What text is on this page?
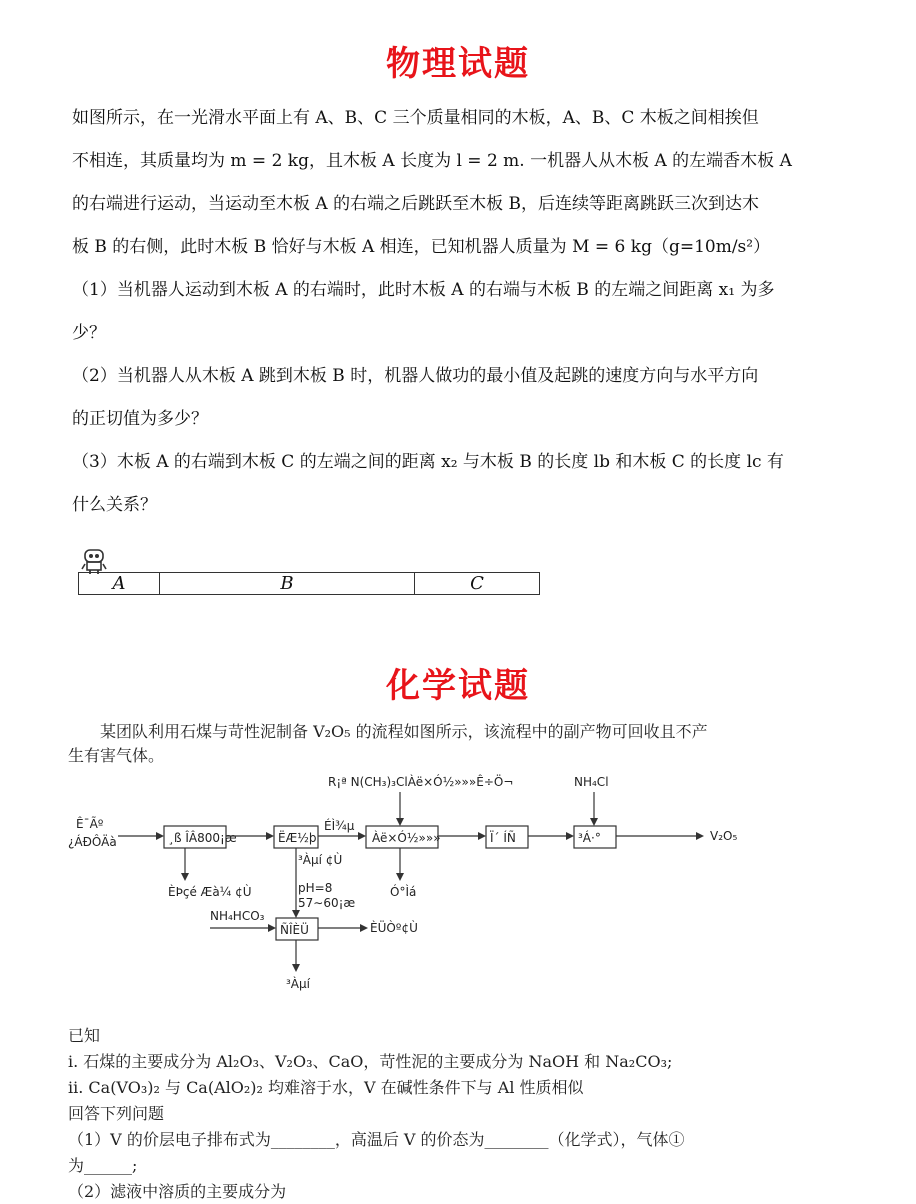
物理试题

如图所示，在一光滑水平面上有 A、B、C 三个质量相同的木板，A、B、C 木板之间相挨但

不相连，其质量均为 m = 2 kg，且木板 A 长度为 l = 2 m. 一机器人从木板 A 的左端香木板 A

的右端进行运动，当运动至木板 A 的右端之后跳跃至木板 B，后连续等距离跳跃三次到达木

板 B 的右侧，此时木板 B 恰好与木板 A 相连，已知机器人质量为 M = 6 kg（g=10m/s²）

（1）当机器人运动到木板 A 的右端时，此时木板 A 的右端与木板 B 的左端之间距离 x₁ 为多

少？

（2）当机器人从木板 A 跳到木板 B 时，机器人做功的最小值及起跳的速度方向与水平方向

的正切值为多少？

（3）木板 A 的右端到木板 C 的左端之间的距离 x₂ 与木板 B 的长度 lb 和木板 C 的长度 lc 有

什么关系？

A	B	C
化学试题

某团队利用石煤与苛性泥制备 V₂O₅ 的流程如图所示，该流程中的副产物可回收且不产

生有害气体。

Ê¯Ãº
¿ÁÐÔÄà	¸ß ÎÂ800¡æ
ÈÞçé Æà¼ ¢Ù
ËÆ½þ
ÉÌ¾µ
³Àµí ¢Ù
pH=8
57∼60¡æ
R¡ª N(CH₃)₃ClÀë×Ó½»»»Ê÷Ö¬
Àë×Ó½»»»
Ó°Ìá
Ï´ ÍÑ
NH₄Cl
³Á·°	V₂O₅
NH₄HCO₃
ÑÎÈÜ	ÈÜÒº¢Ù
³Àµí

已知

ⅰ. 石煤的主要成分为 Al₂O₃、V₂O₃、CaO，苛性泥的主要成分为 NaOH 和 Na₂CO₃;

ⅱ. Ca(VO₃)₂ 与 Ca(AlO₂)₂ 均难溶于水，V 在碱性条件下与 Al 性质相似

回答下列问题

（1）V 的价层电子排布式为________，高温后 V 的价态为________（化学式），气体①

为______;

（2）滤液中溶质的主要成分为
